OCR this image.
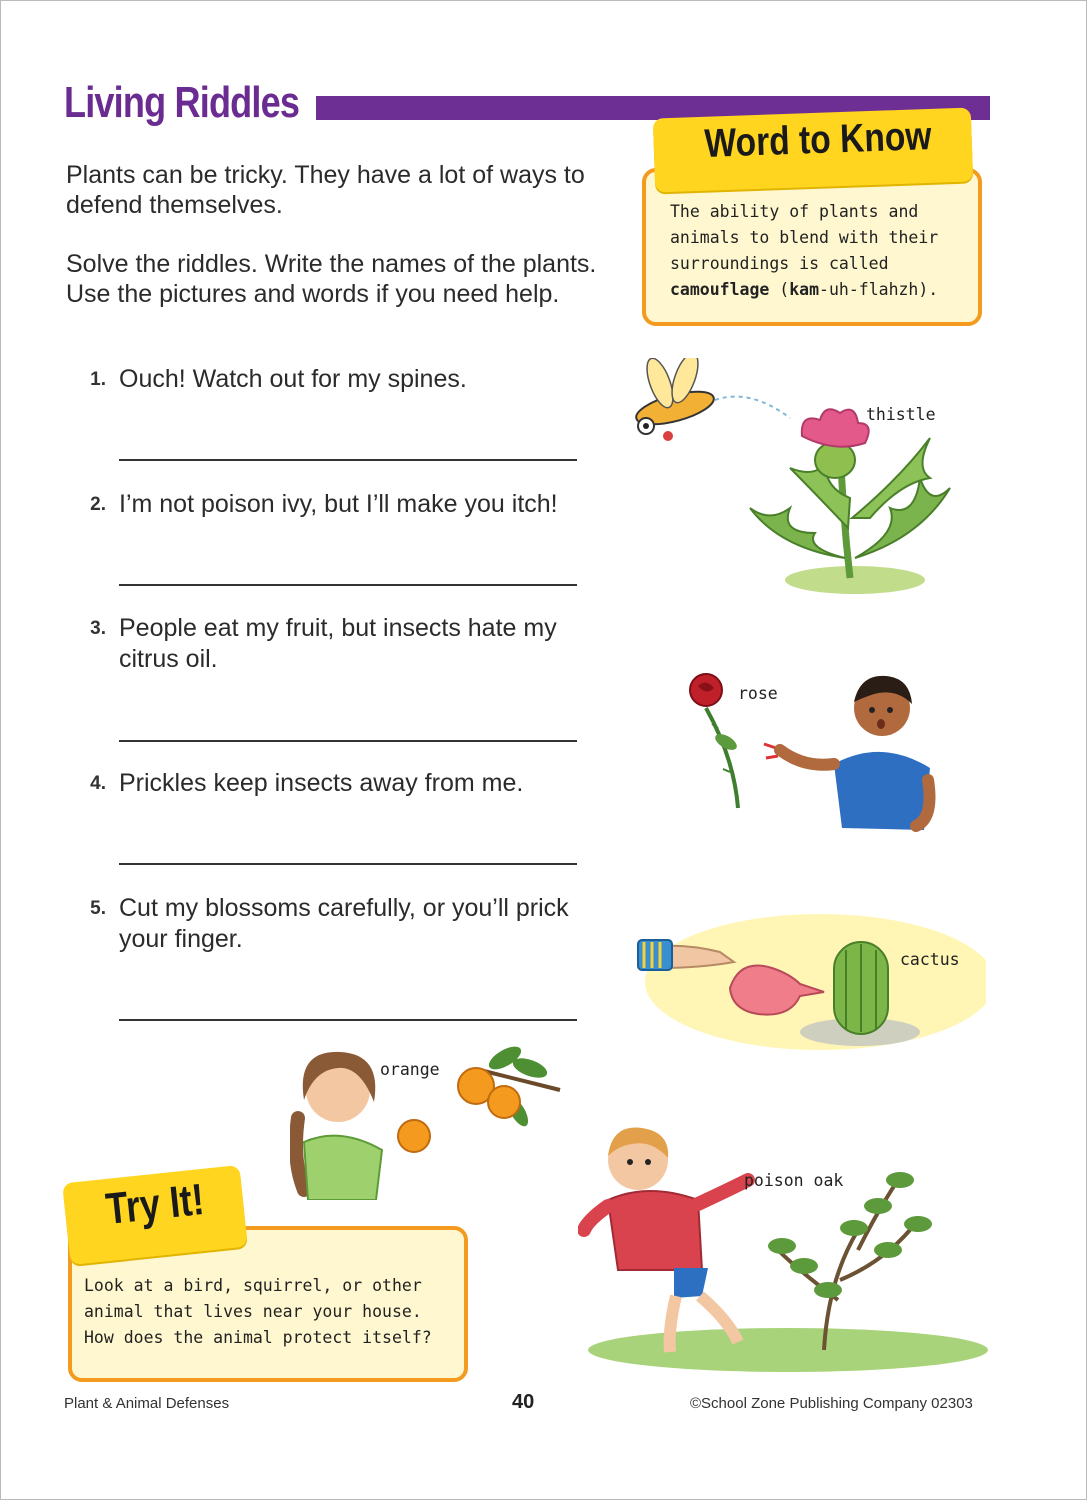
Living Riddles

Plants can be tricky. They have a lot of ways to defend themselves.

Solve the riddles. Write the names of the plants. Use the pictures and words if you need help.

1. Ouch! Watch out for my spines.

2. I’m not poison ivy, but I’ll make you itch!

3. People eat my fruit, but insects hate my citrus oil.

4. Prickles keep insects away from me.

5. Cut my blossoms carefully, or you’ll prick your finger.

Word to Know

The ability of plants and animals to blend with their surroundings is called camouflage (kam-uh-flahzh).

thistle
rose
cactus
orange
Try It!

Look at a bird, squirrel, or other animal that lives near your house. How does the animal protect itself?

poison oak
Plant & Animal Defenses	40	©School Zone Publishing Company 02303
